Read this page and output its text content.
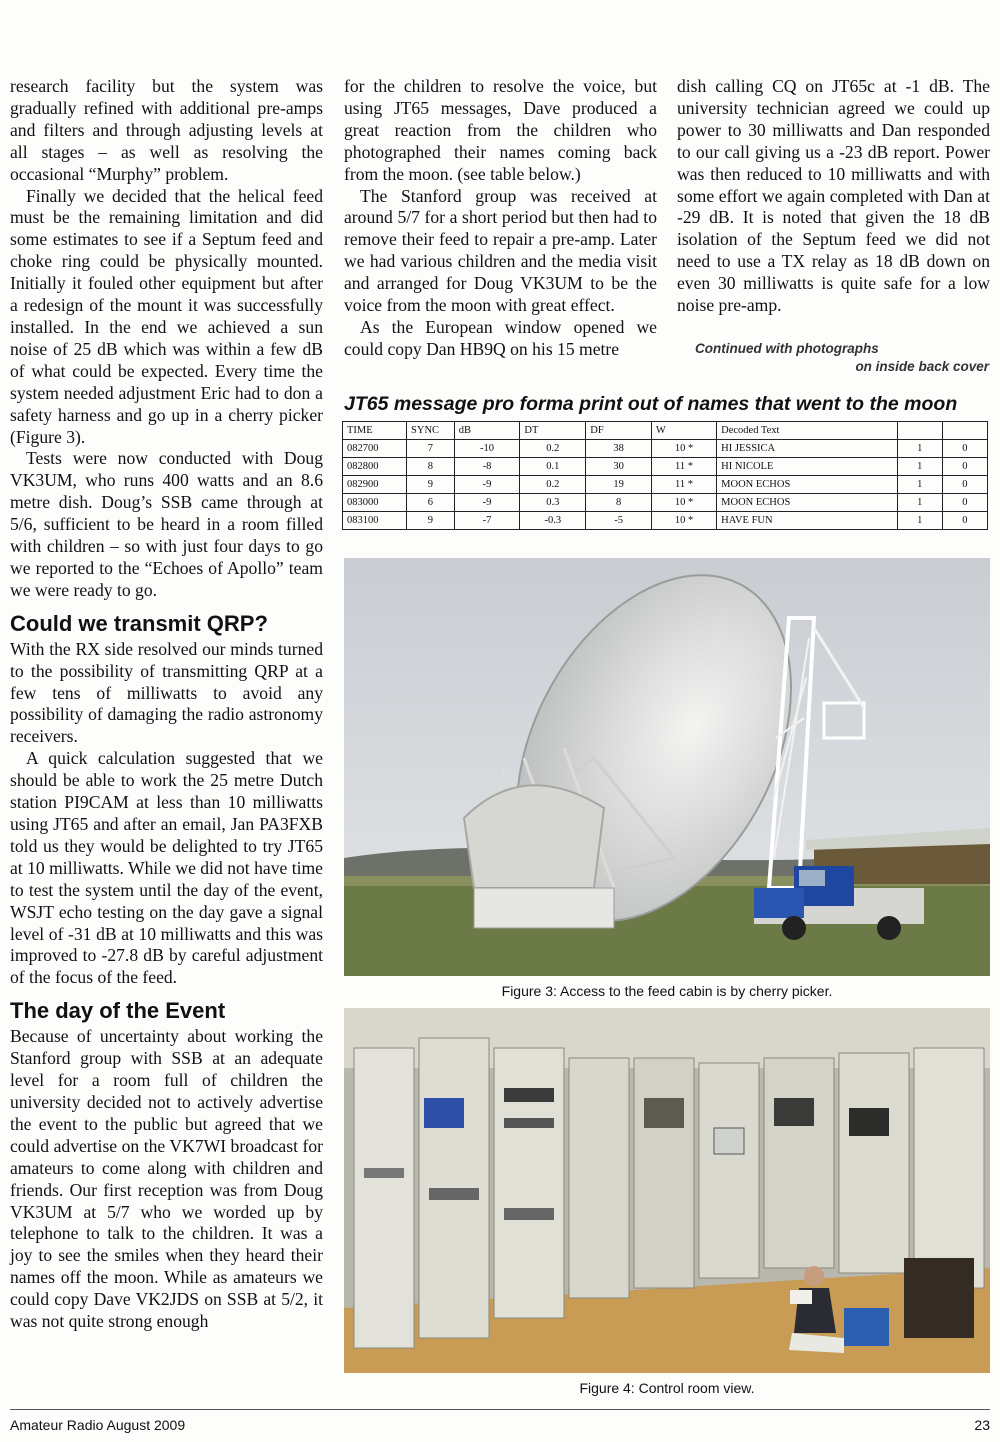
research facility but the system was gradually refined with additional pre-amps and filters and through adjusting levels at all stages – as well as resolving the occasional “Murphy” problem.

Finally we decided that the helical feed must be the remaining limitation and did some estimates to see if a Septum feed and choke ring could be physically mounted. Initially it fouled other equipment but after a redesign of the mount it was successfully installed. In the end we achieved a sun noise of 25 dB which was within a few dB of what could be expected. Every time the system needed adjustment Eric had to don a safety harness and go up in a cherry picker (Figure 3).

Tests were now conducted with Doug VK3UM, who runs 400 watts and an 8.6 metre dish. Doug’s SSB came through at 5/6, sufficient to be heard in a room filled with children – so with just four days to go we reported to the “Echoes of Apollo” team we were ready to go.

Could we transmit QRP?

With the RX side resolved our minds turned to the possibility of transmitting QRP at a few tens of milliwatts to avoid any possibility of damaging the radio astronomy receivers.

A quick calculation suggested that we should be able to work the 25 metre Dutch station PI9CAM at less than 10 milliwatts using JT65 and after an email, Jan PA3FXB told us they would be delighted to try JT65 at 10 milliwatts. While we did not have time to test the system until the day of the event, WSJT echo testing on the day gave a signal level of -31 dB at 10 milliwatts and this was improved to -27.8 dB by careful adjustment of the focus of the feed.

The day of the Event

Because of uncertainty about working the Stanford group with SSB at an adequate level for a room full of children the university decided not to actively advertise the event to the public but agreed that we could advertise on the VK7WI broadcast for amateurs to come along with children and friends. Our first reception was from Doug VK3UM at 5/7 who we worded up by telephone to talk to the children. It was a joy to see the smiles when they heard their names off the moon. While as amateurs we could copy Dave VK2JDS on SSB at 5/2, it was not quite strong enough

for the children to resolve the voice, but using JT65 messages, Dave produced a great reaction from the children who photographed their names coming back from the moon. (see table below.)

The Stanford group was received at around 5/7 for a short period but then had to remove their feed to repair a pre-amp. Later we had various children and the media visit and arranged for Doug VK3UM to be the voice from the moon with great effect.

As the European window opened we could copy Dan HB9Q on his 15 metre

dish calling CQ on JT65c at -1 dB. The university technician agreed we could up power to 30 milliwatts and Dan responded to our call giving us a -23 dB report. Power was then reduced to 10 milliwatts and with some effort we again completed with Dan at -29 dB. It is noted that given the 18 dB isolation of the Septum feed we did not need to use a TX relay as 18 dB down on even 30 milliwatts is quite safe for a low noise pre-amp.

Continued with photographs
on inside back cover
JT65 message pro forma print out of names that went to the moon
TIME	SYNC	dB	DT	DF	W	Decoded Text		
082700	7	-10	0.2	38	10 *	HI JESSICA	1	0
082800	8	-8	0.1	30	11 *	HI NICOLE	1	0
082900	9	-9	0.2	19	11 *	MOON ECHOS	1	0
083000	6	-9	0.3	8	10 *	MOON ECHOS	1	0
083100	9	-7	-0.3	-5	10 *	HAVE FUN	1	0
Figure 3: Access to the feed cabin is by cherry picker.
Figure 4: Control room view.
Amateur Radio August 2009	23
